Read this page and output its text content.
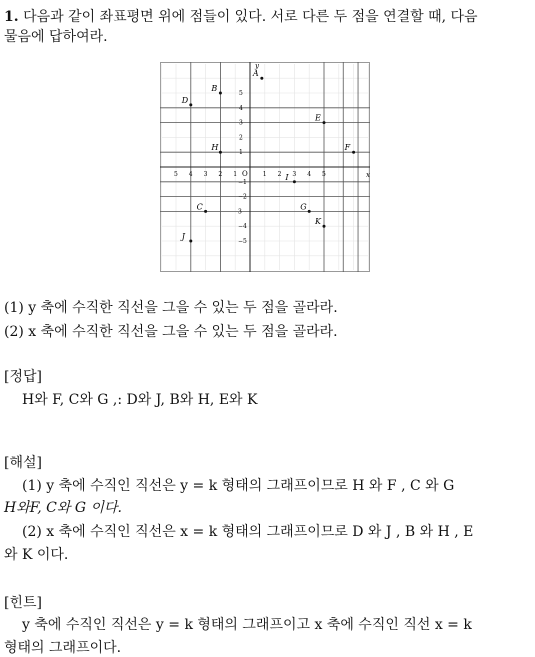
1. 다음과 같이 좌표평면 위에 점들이 있다. 서로 다른 두 점을 연결할 때, 다음
물음에 답하여라.
x
y
O
5 4 3 2 1	1 2 3 4 5
5
4
3
2
1
−1
−2
3
−4
−5
A
B
D
E
H	F
I
C	G
K
J
(1) y 축에 수직한 직선을 그을 수 있는 두 점을 골라라.
(2) x 축에 수직한 직선을 그을 수 있는 두 점을 골라라.
[정답]
H와 F, C와 G ,: D와 J, B와 H, E와 K
[해설]
(1) y 축에 수직인 직선은 y = k 형태의 그래프이므로 H 와 F , C 와 G
H와F, C와 G 이다.
(2) x 축에 수직인 직선은 x = k 형태의 그래프이므로 D 와 J , B 와 H , E
와 K 이다.
[힌트]
y 축에 수직인 직선은 y = k 형태의 그래프이고 x 축에 수직인 직선 x = k
형태의 그래프이다.
